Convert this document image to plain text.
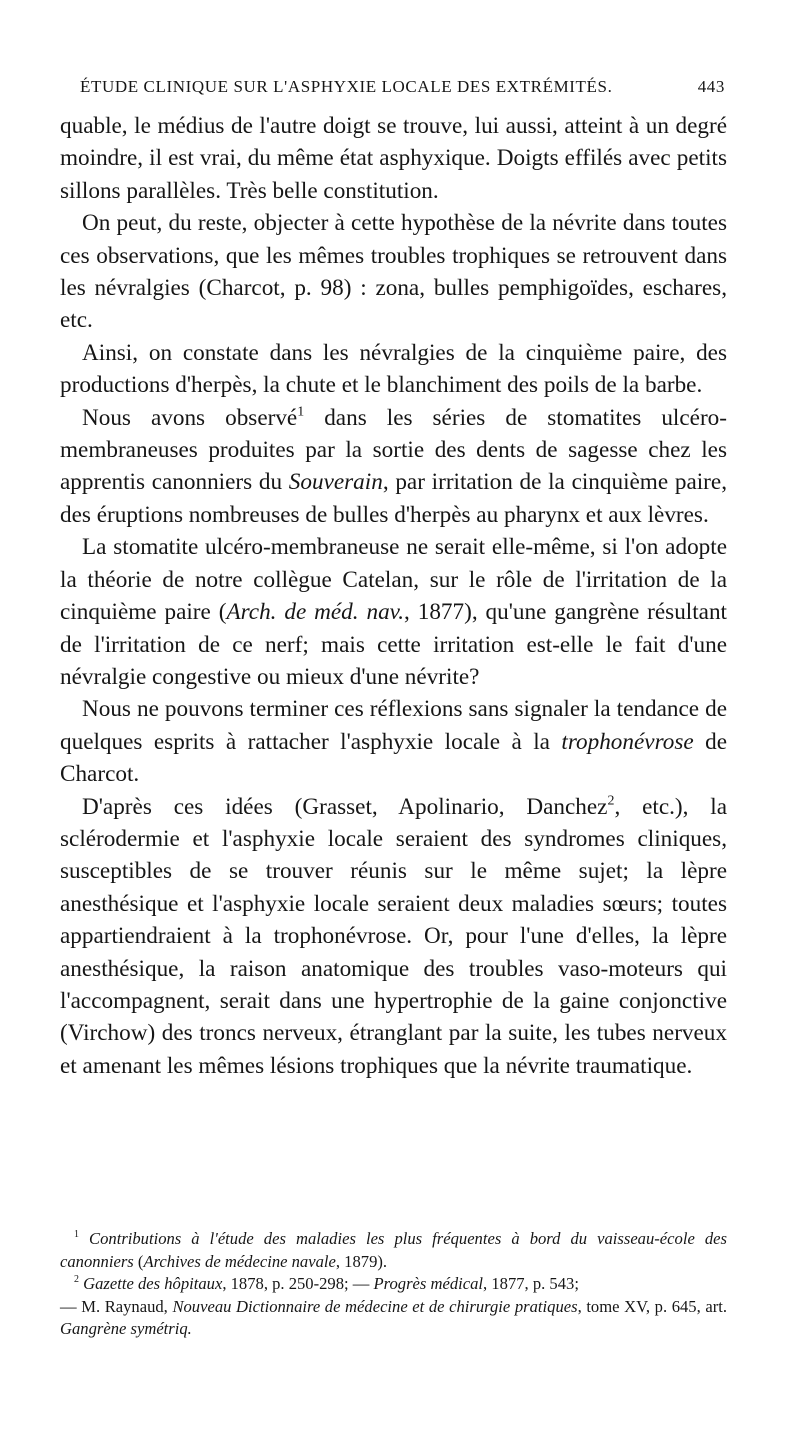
ÉTUDE CLINIQUE SUR L'ASPHYXIE LOCALE DES EXTRÉMITÉS.	443

quable, le médius de l'autre doigt se trouve, lui aussi, atteint à un degré moindre, il est vrai, du même état asphyxique. Doigts effilés avec petits sillons parallèles. Très belle constitution.

On peut, du reste, objecter à cette hypothèse de la névrite dans toutes ces observations, que les mêmes troubles trophiques se retrouvent dans les névralgies (Charcot, p. 98) : zona, bulles pemphigoïdes, eschares, etc.

Ainsi, on constate dans les névralgies de la cinquième paire, des productions d'herpès, la chute et le blanchiment des poils de la barbe.

Nous avons observé$^1$ dans les séries de stomatites ulcéro-membraneuses produites par la sortie des dents de sagesse chez les apprentis canonniers du Souverain, par irritation de la cinquième paire, des éruptions nombreuses de bulles d'herpès au pharynx et aux lèvres.

La stomatite ulcéro-membraneuse ne serait elle-même, si l'on adopte la théorie de notre collègue Catelan, sur le rôle de l'irritation de la cinquième paire (Arch. de méd. nav., 1877), qu'une gangrène résultant de l'irritation de ce nerf; mais cette irritation est-elle le fait d'une névralgie congestive ou mieux d'une névrite?

Nous ne pouvons terminer ces réflexions sans signaler la tendance de quelques esprits à rattacher l'asphyxie locale à la trophonévrose de Charcot.

D'après ces idées (Grasset, Apolinario, Danchez$^2$, etc.), la sclérodermie et l'asphyxie locale seraient des syndromes cliniques, susceptibles de se trouver réunis sur le même sujet; la lèpre anesthésique et l'asphyxie locale seraient deux maladies sœurs; toutes appartiendraient à la trophonévrose. Or, pour l'une d'elles, la lèpre anesthésique, la raison anatomique des troubles vaso-moteurs qui l'accompagnent, serait dans une hypertrophie de la gaine conjonctive (Virchow) des troncs nerveux, étranglant par la suite, les tubes nerveux et amenant les mêmes lésions trophiques que la névrite traumatique.

$^1$ Contributions à l'étude des maladies les plus fréquentes à bord du vaisseau-école des canonniers (Archives de médecine navale, 1879).

$^2$ Gazette des hôpitaux, 1878, p. 250-298; — Progrès médical, 1877, p. 543;

— M. Raynaud, Nouveau Dictionnaire de médecine et de chirurgie pratiques, tome XV, p. 645, art. Gangrène symétriq.
